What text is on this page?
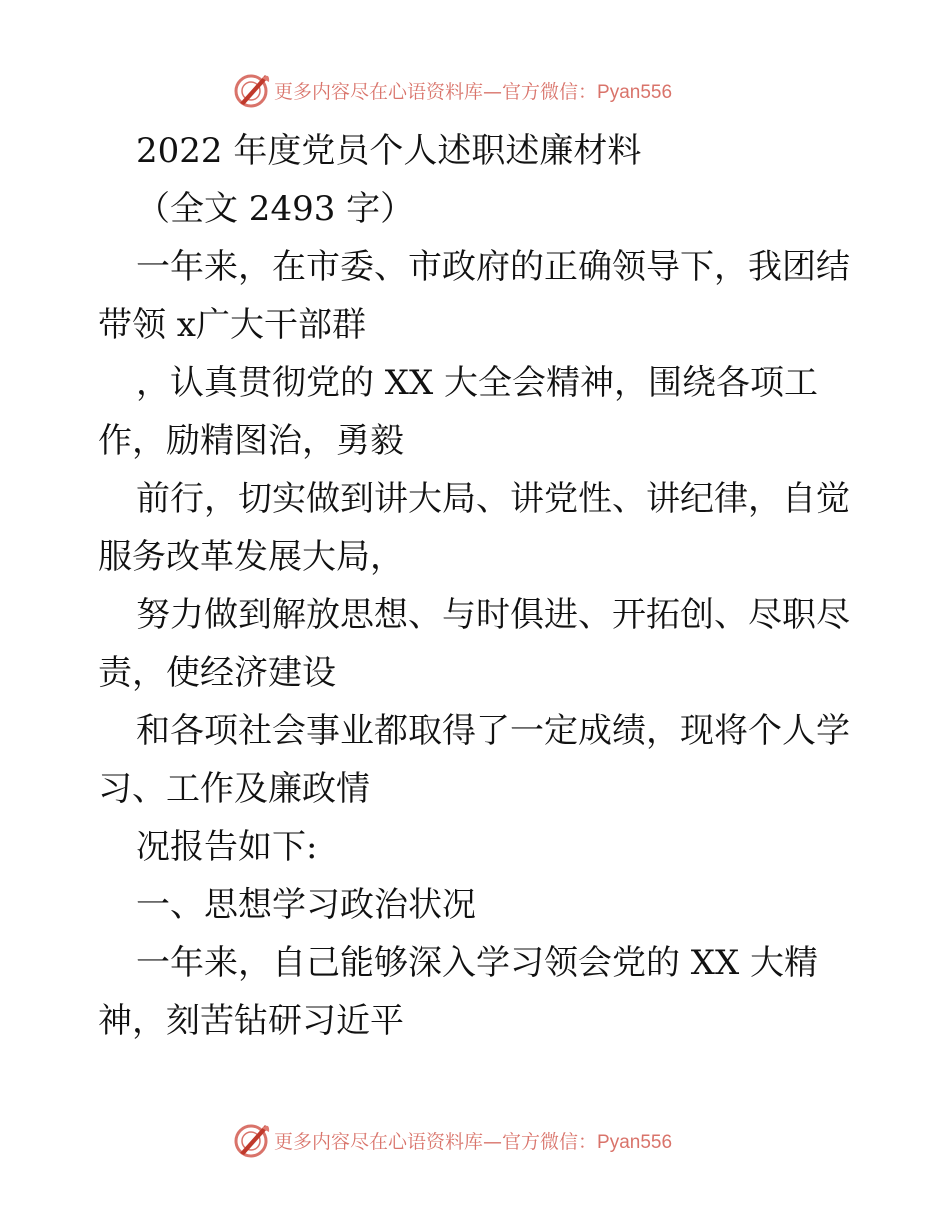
更多内容尽在心语资料库—官方微信：Pyan556
2022 年度党员个人述职述廉材料
（全文 2493 字）
一年来，在市委、市政府的正确领导下，我团结
带领 x广大干部群
，认真贯彻党的 XX 大全会精神，围绕各项工
作，励精图治，勇毅
前行，切实做到讲大局、讲党性、讲纪律，自觉
服务改革发展大局，
努力做到解放思想、与时俱进、开拓创、尽职尽
责，使经济建设
和各项社会事业都取得了一定成绩，现将个人学
习、工作及廉政情
况报告如下:
一、思想学习政治状况
一年来，自己能够深入学习领会党的 XX 大精
神，刻苦钻研习近平
更多内容尽在心语资料库—官方微信：Pyan556
